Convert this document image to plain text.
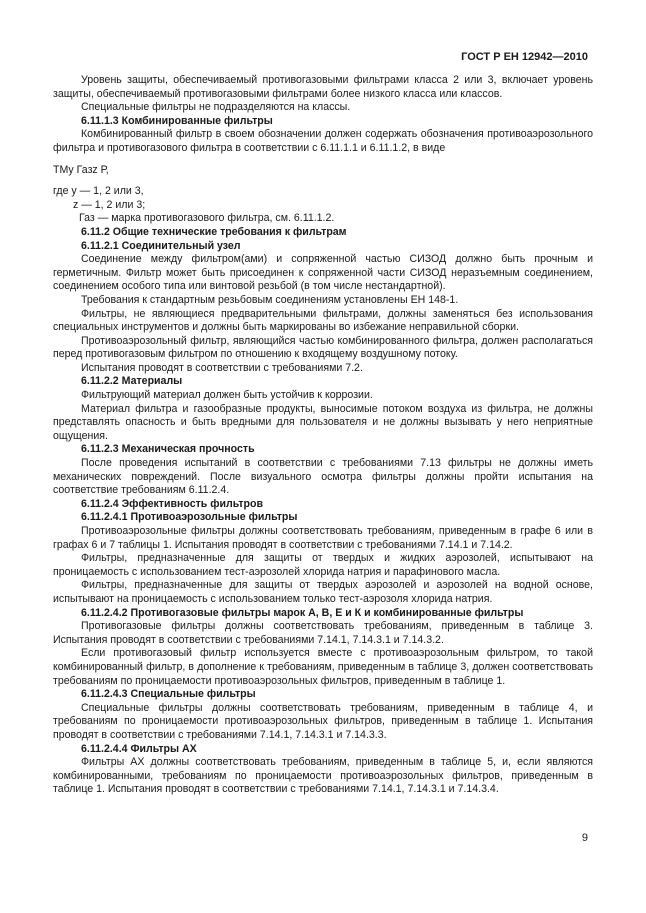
ГОСТ Р ЕН 12942—2010

Уровень защиты, обеспечиваемый противогазовыми фильтрами класса 2 или 3, включает уровень защиты, обеспечиваемый противогазовыми фильтрами более низкого класса или классов.

Специальные фильтры не подразделяются на классы.

6.11.1.3 Комбинированные фильтры

Комбинированный фильтр в своем обозначении должен содержать обозначения противоаэрозольного фильтра и противогазового фильтра в соответствии с 6.11.1.1 и 6.11.1.2, в виде

ТМу Газz Р,

где у — 1, 2 или 3,

z — 1, 2 или 3;

Газ — марка противогазового фильтра, см. 6.11.1.2.

6.11.2 Общие технические требования к фильтрам

6.11.2.1 Соединительный узел

Соединение между фильтром(ами) и сопряженной частью СИЗОД должно быть прочным и герметичным. Фильтр может быть присоединен к сопряженной части СИЗОД неразъемным соединением, соединением особого типа или винтовой резьбой (в том числе нестандартной).

Требования к стандартным резьбовым соединениям установлены ЕН 148-1.

Фильтры, не являющиеся предварительными фильтрами, должны заменяться без использования специальных инструментов и должны быть маркированы во избежание неправильной сборки.

Противоаэрозольный фильтр, являющийся частью комбинированного фильтра, должен располагаться перед противогазовым фильтром по отношению к входящему воздушному потоку.

Испытания проводят в соответствии с требованиями 7.2.

6.11.2.2 Материалы

Фильтрующий материал должен быть устойчив к коррозии.

Материал фильтра и газообразные продукты, выносимые потоком воздуха из фильтра, не должны представлять опасность и быть вредными для пользователя и не должны вызывать у него неприятные ощущения.

6.11.2.3 Механическая прочность

После проведения испытаний в соответствии с требованиями 7.13 фильтры не должны иметь механических повреждений. После визуального осмотра фильтры должны пройти испытания на соответствие требованиям 6.11.2.4.

6.11.2.4 Эффективность фильтров

6.11.2.4.1 Противоаэрозольные фильтры

Противоаэрозольные фильтры должны соответствовать требованиям, приведенным в графе 6 или в графах 6 и 7 таблицы 1. Испытания проводят в соответствии с требованиями 7.14.1 и 7.14.2.

Фильтры, предназначенные для защиты от твердых и жидких аэрозолей, испытывают на проницаемость с использованием тест-аэрозолей хлорида натрия и парафинового масла.

Фильтры, предназначенные для защиты от твердых аэрозолей и аэрозолей на водной основе, испытывают на проницаемость с использованием только тест-аэрозоля хлорида натрия.

6.11.2.4.2 Противогазовые фильтры марок А, В, Е и К и комбинированные фильтры

Противогазовые фильтры должны соответствовать требованиям, приведенным в таблице 3. Испытания проводят в соответствии с требованиями 7.14.1, 7.14.3.1 и 7.14.3.2.

Если противогазовый фильтр используется вместе с противоаэрозольным фильтром, то такой комбинированный фильтр, в дополнение к требованиям, приведенным в таблице 3, должен соответствовать требованиям по проницаемости противоаэрозольных фильтров, приведенным в таблице 1.

6.11.2.4.3 Специальные фильтры

Специальные фильтры должны соответствовать требованиям, приведенным в таблице 4, и требованиям по проницаемости противоаэрозольных фильтров, приведенным в таблице 1. Испытания проводят в соответствии с требованиями 7.14.1, 7.14.3.1 и 7.14.3.3.

6.11.2.4.4 Фильтры АХ

Фильтры АХ должны соответствовать требованиям, приведенным в таблице 5, и, если являются комбинированными, требованиям по проницаемости противоаэрозольных фильтров, приведенным в таблице 1. Испытания проводят в соответствии с требованиями 7.14.1, 7.14.3.1 и 7.14.3.4.

9
